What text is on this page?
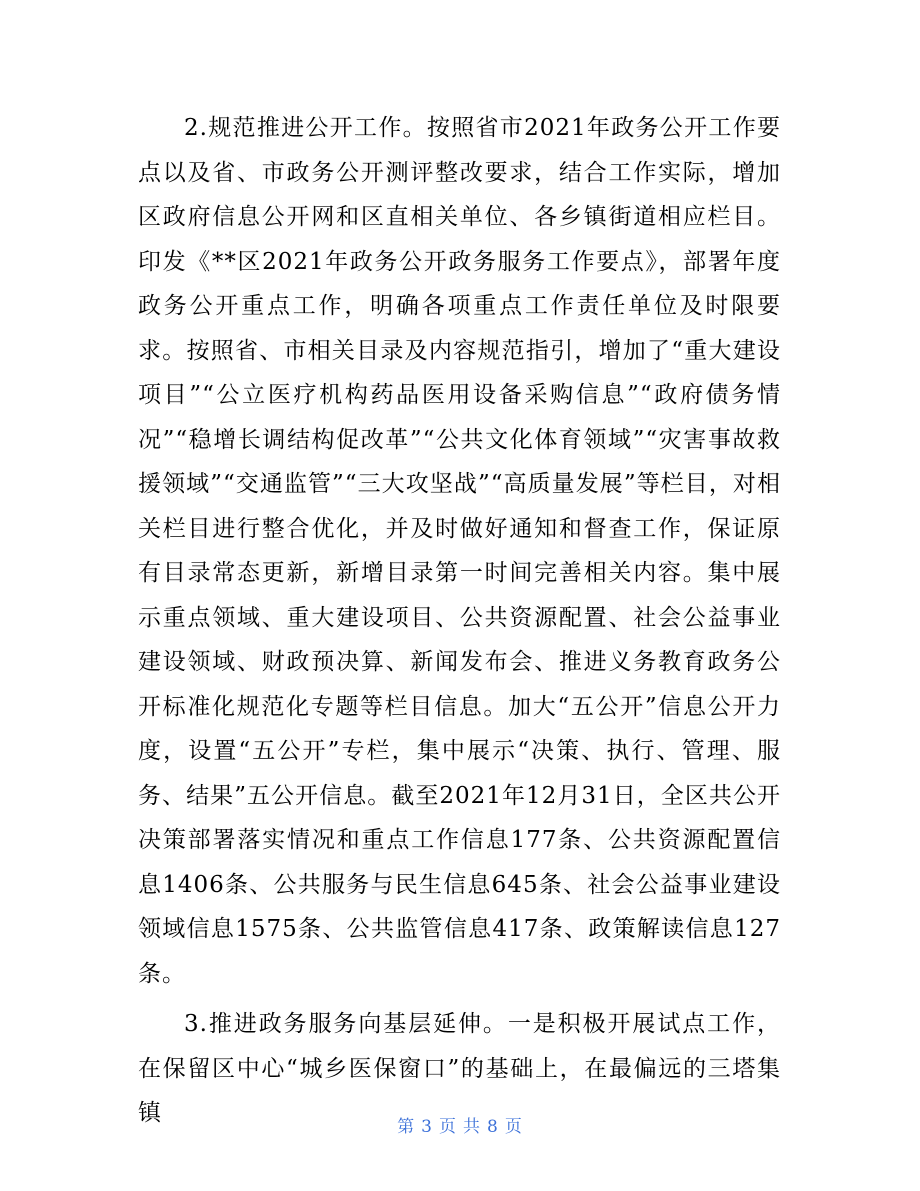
2.规范推进公开工作。按照省市2021年政务公开工作要点以及省、市政务公开测评整改要求，结合工作实际，增加区政府信息公开网和区直相关单位、各乡镇街道相应栏目。印发《**区2021年政务公开政务服务工作要点》，部署年度政务公开重点工作，明确各项重点工作责任单位及时限要求。按照省、市相关目录及内容规范指引，增加了“重大建设项目”“公立医疗机构药品医用设备采购信息”“政府债务情况”“稳增长调结构促改革”“公共文化体育领域”“灾害事故救援领域”“交通监管”“三大攻坚战”“高质量发展”等栏目，对相关栏目进行整合优化，并及时做好通知和督查工作，保证原有目录常态更新，新增目录第一时间完善相关内容。集中展示重点领域、重大建设项目、公共资源配置、社会公益事业建设领域、财政预决算、新闻发布会、推进义务教育政务公开标准化规范化专题等栏目信息。加大“五公开”信息公开力度，设置“五公开”专栏，集中展示“决策、执行、管理、服务、结果”五公开信息。截至2021年12月31日，全区共公开决策部署落实情况和重点工作信息177条、公共资源配置信息1406条、公共服务与民生信息645条、社会公益事业建设领域信息1575条、公共监管信息417条、政策解读信息127条。

3.推进政务服务向基层延伸。一是积极开展试点工作，在保留区中心“城乡医保窗口”的基础上，在最偏远的三塔集镇

第 3 页 共 8 页
